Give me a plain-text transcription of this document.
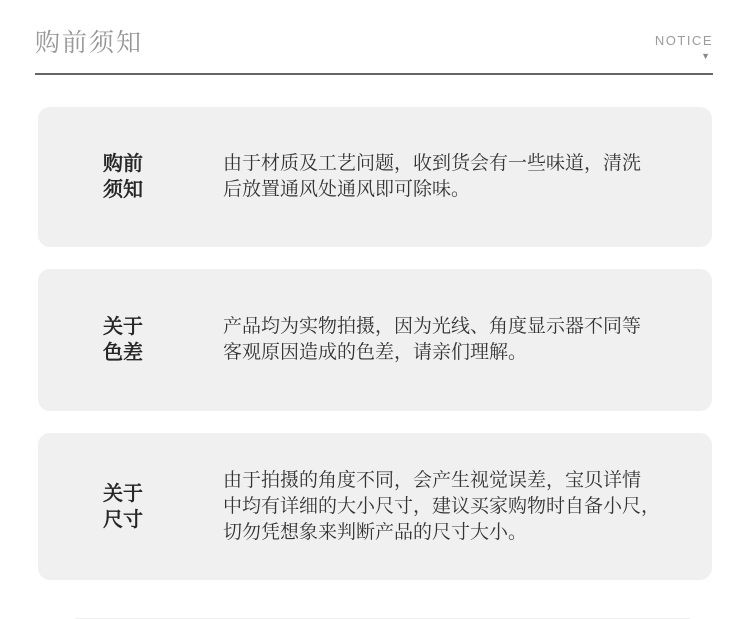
购前须知	NOTICE
▼
购前
须知
由于材质及工艺问题，收到货会有一些味道，清洗
后放置通风处通风即可除味。
关于
色差
产品均为实物拍摄，因为光线、角度显示器不同等
客观原因造成的色差，请亲们理解。
关于
尺寸
由于拍摄的角度不同，会产生视觉误差，宝贝详情
中均有详细的大小尺寸，建议买家购物时自备小尺，
切勿凭想象来判断产品的尺寸大小。
